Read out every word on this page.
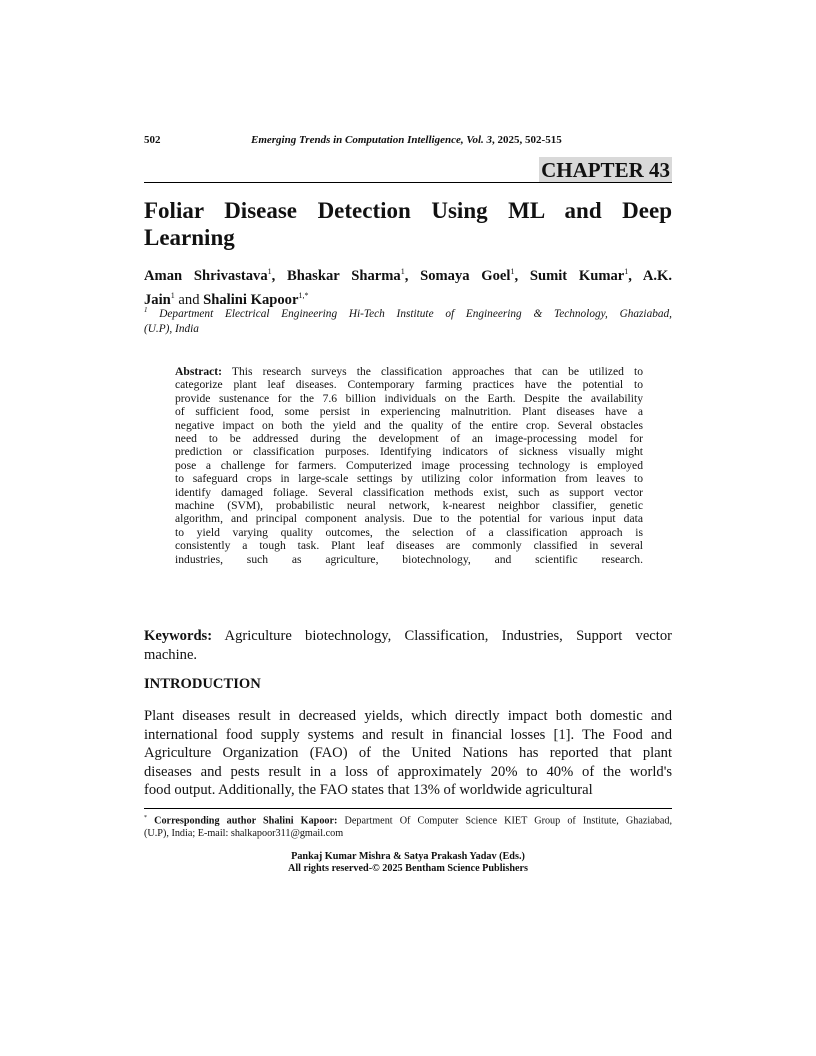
502	Emerging Trends in Computation Intelligence, Vol. 3, 2025, 502-515
CHAPTER 43
Foliar Disease Detection Using ML and Deep
Learning
Aman Shrivastava$^1$, Bhaskar Sharma$^1$, Somaya Goel$^1$, Sumit Kumar$^1$, A.K.
Jain$^1$ and Shalini Kapoor$^{1,*}$
$^1$ Department Electrical Engineering Hi-Tech Institute of Engineering & Technology, Ghaziabad,
(U.P), India
Abstract: This research surveys the classification approaches that can be utilized to
categorize plant leaf diseases. Contemporary farming practices have the potential to
provide sustenance for the 7.6 billion individuals on the Earth. Despite the availability
of sufficient food, some persist in experiencing malnutrition. Plant diseases have a
negative impact on both the yield and the quality of the entire crop. Several obstacles
need to be addressed during the development of an image-processing model for
prediction or classification purposes. Identifying indicators of sickness visually might
pose a challenge for farmers. Computerized image processing technology is employed
to safeguard crops in large-scale settings by utilizing color information from leaves to
identify damaged foliage. Several classification methods exist, such as support vector
machine (SVM), probabilistic neural network, k-nearest neighbor classifier, genetic
algorithm, and principal component analysis. Due to the potential for various input data
to yield varying quality outcomes, the selection of a classification approach is
consistently a tough task. Plant leaf diseases are commonly classified in several
industries, such as agriculture, biotechnology, and scientific research.
Keywords: Agriculture biotechnology, Classification, Industries, Support vector
machine.
INTRODUCTION
Plant diseases result in decreased yields, which directly impact both domestic and
international food supply systems and result in financial losses [1]. The Food and
Agriculture Organization (FAO) of the United Nations has reported that plant
diseases and pests result in a loss of approximately 20% to 40% of the world's
food output. Additionally, the FAO states that 13% of worldwide agricultural
* Corresponding author Shalini Kapoor: Department Of Computer Science KIET Group of Institute, Ghaziabad,
(U.P), India; E-mail: shalkapoor311@gmail.com
Pankaj Kumar Mishra & Satya Prakash Yadav (Eds.)
All rights reserved-© 2025 Bentham Science Publishers
